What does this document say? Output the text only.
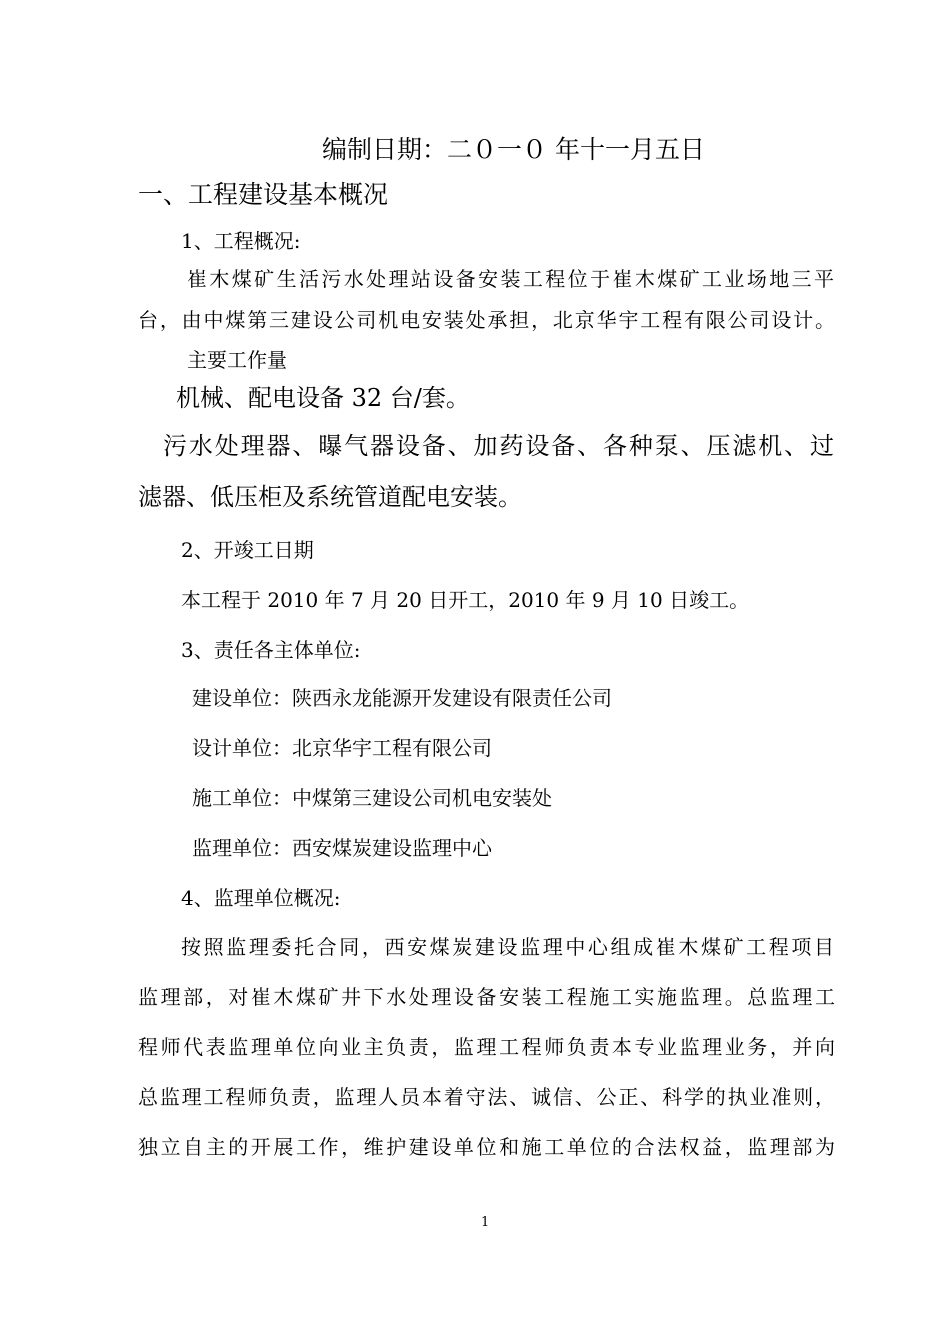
编制日期：二０一０ 年十一月五日
一、工程建设基本概况
1、工程概况:
崔木煤矿生活污水处理站设备安装工程位于崔木煤矿工业场地三平
台，由中煤第三建设公司机电安装处承担，北京华宇工程有限公司设计。
主要工作量
机械、配电设备 32 台/套。
污水处理器、曝气器设备、加药设备、各种泵、压滤机、过
滤器、低压柜及系统管道配电安装。
2、开竣工日期
本工程于 2010 年 7 月 20 日开工，2010 年 9 月 10 日竣工。
3、责任各主体单位:
建设单位：陕西永龙能源开发建设有限责任公司
设计单位：北京华宇工程有限公司
施工单位：中煤第三建设公司机电安装处
监理单位：西安煤炭建设监理中心
4、监理单位概况:
按照监理委托合同，西安煤炭建设监理中心组成崔木煤矿工程项目
监理部，对崔木煤矿井下水处理设备安装工程施工实施监理。总监理工
程师代表监理单位向业主负责，监理工程师负责本专业监理业务，并向
总监理工程师负责，监理人员本着守法、诚信、公正、科学的执业准则，
独立自主的开展工作，维护建设单位和施工单位的合法权益，监理部为
1
